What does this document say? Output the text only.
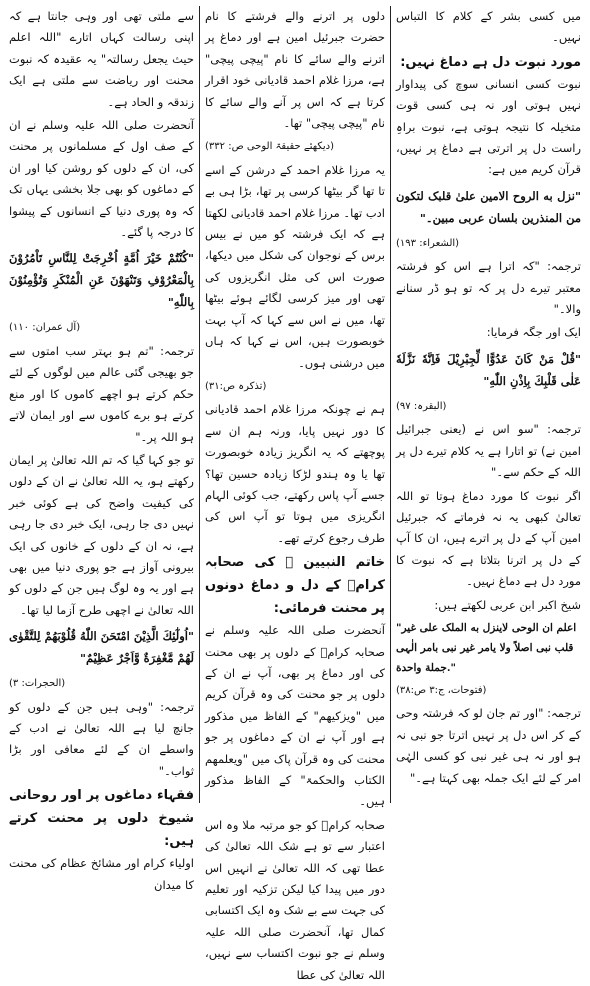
میں کسی بشر کے کلام کا التباس نہیں۔

مورد نبوت دل ہے دماغ نہیں:

نبوت کسی انسانی سوچ کی پیداوار نہیں ہوتی اور نہ ہی کسی قوت متخیلہ کا نتیجہ ہوتی ہے، نبوت براہِ راست دل پر اترتی ہے دماغ پر نہیں، قرآن کریم میں ہے:

"نزل به الروح الامین علیٰ قلبک لتکون من المنذرین بلسان عربی مبین۔"

(الشعراء: ۱۹۳)

ترجمہ: "کہ اترا ہے اس کو فرشتہ معتبر تیرے دل پر کہ تو ہو ڈر سنانے والا۔"

ایک اور جگہ فرمایا:

"قُلْ مَنْ كَانَ عَدُوًّا لِّجِبْرِيْلَ فَاِنَّهٗ نَزَّلَهٗ عَلٰى قَلْبِكَ بِاِذْنِ اللّٰهِ"

(البقرہ: ۹۷)

ترجمہ: "سو اس نے (یعنی جبرائیل امین نے) تو اتارا ہے یہ کلام تیرے دل پر اللہ کے حکم سے۔"

اگر نبوت کا مورد دماغ ہوتا تو اللہ تعالیٰ کبھی یہ نہ فرماتے کہ جبرئیل امین آپ کے دل پر اترے ہیں، ان کا آپ کے دل پر اترنا بتلاتا ہے کہ نبوت کا مورد دل ہے دماغ نہیں۔

شیخ اکبر ابن عربی لکھتے ہیں:

"اعلم ان الوحی لاینزل به الملک علی غیر قلب نبی اصلاً ولا یامر غیر نبی بامر الٰہی جملة واحدة."

(فتوحات، ج:۳ ص:۳۸)

ترجمہ: "اور تم جان لو کہ فرشتہ وحی کے کر اس دل پر نہیں اترتا جو نبی نہ ہو اور نہ ہی غیر نبی کو کسی الہٰی امر کے لئے ایک جملہ بھی کہتا ہے۔"

دلوں پر اترنے والے فرشتے کا نام حضرت جبرئیل امین ہے اور دماغ پر اترنے والے سائے کا نام "پیچی پیچی" ہے، مرزا غلام احمد قادیانی خود اقرار کرتا ہے کہ اس پر آنے والے سائے کا نام "پیچی پیچی" تھا۔

(دیکھئے حقیقۃ الوحی ص: ۳۳۲)

یہ مرزا غلام احمد کے درشن کے اسے تا تھا گر بیٹھا کرسی پر تھا، بڑا ہی بے ادب تھا۔ مرزا غلام احمد قادیانی لکھتا ہے کہ ایک فرشتہ کو میں نے بیس برس کے نوجوان کی شکل میں دیکھا، صورت اس کی مثل انگریزوں کی تھی اور میز کرسی لگائے ہوئے بیٹھا تھا، میں نے اس سے کہا کہ آپ بہت خوبصورت ہیں، اس نے کہا کہ ہاں میں درشنی ہوں۔

(تذکرہ ص:۳۱)

ہم نے چونکہ مرزا غلام احمد قادیانی کا دور نہیں پایا، ورنہ ہم ان سے پوچھتے کہ یہ انگریز زیادہ خوبصورت تھا یا وہ ہندو لڑکا زیادہ حسین تھا؟ جسے آپ پاس رکھتے، جب کوئی الہام انگریزی میں ہوتا تو آپ اس کی طرف رجوع کرتے تھے۔

خاتم النبیین ﷺ کی صحابہ کرامؓ کے دل و دماغ دونوں پر محنت فرمائی:

آنحضرت صلی اللہ علیہ وسلم نے صحابہ کرامؓ کے دلوں پر بھی محنت کی اور دماغ پر بھی، آپ نے ان کے دلوں پر جو محنت کی وہ قرآن کریم میں "ویزکیھم" کے الفاظ میں مذکور ہے اور آپ نے ان کے دماغوں پر جو محنت کی وہ قرآن پاک میں "ویعلمھم الکتاب والحکمۃ" کے الفاظ مذکور ہیں۔

صحابہ کرامؓ کو جو مرتبہ ملا وہ اس اعتبار سے تو ہے شک اللہ تعالیٰ کی عطا تھی کہ اللہ تعالیٰ نے انہیں اس دور میں پیدا کیا لیکن تزکیہ اور تعلیم کی جہت سے بے شک وہ ایک اکتسابی کمال تھا، آنحضرت صلی اللہ علیہ وسلم نے جو نبوت اکتساب سے نہیں، اللہ تعالیٰ کی عطا

سے ملتی تھی اور وہی جانتا ہے کہ اپنی رسالت کہاں اتارے "اللہ اعلم حیث یجعل رسالتہ" یہ عقیدہ کہ نبوت محنت اور ریاضت سے ملتی ہے ایک زندقہ و الحاد ہے۔

آنحضرت صلی اللہ علیہ وسلم نے ان کے صف اول کے مسلمانوں پر محنت کی، ان کے دلوں کو روشن کیا اور ان کے دماغوں کو بھی جلا بخشی یہاں تک کہ وہ پوری دنیا کے انسانوں کے پیشوا کا درجہ پا گئے۔

"كُنْتُمْ خَيْرَ اُمَّةٍ اُخْرِجَتْ لِلنَّاسِ تَاْمُرُوْنَ بِالْمَعْرُوْفِ وَتَنْهَوْنَ عَنِ الْمُنْكَرِ وَتُؤْمِنُوْنَ بِاللّٰهِ"

(آل عمران: ۱۱۰)

ترجمہ: "تم ہو بہتر سب امتوں سے جو بھیجی گئی عالم میں لوگوں کے لئے حکم کرتے ہو اچھے کاموں کا اور منع کرتے ہو برے کاموں سے اور ایمان لاتے ہو اللہ پر۔"

تو جو کہا گیا کہ تم اللہ تعالیٰ پر ایمان رکھتے ہو، یہ اللہ تعالیٰ نے ان کے دلوں کی کیفیت واضح کی ہے کوئی خبر نہیں دی جا رہی، ایک خبر دی جا رہی ہے، نہ ان کے دلوں کے خانوں کی ایک بیرونی آواز ہے جو پوری دنیا میں بھی ہے اور یہ وہ لوگ ہیں جن کے دلوں کو اللہ تعالیٰ نے اچھی طرح آزما لیا تھا۔

"اُولٰٓئِكَ الَّذِيْنَ امْتَحَنَ اللّٰهُ قُلُوْبَهُمْ لِلتَّقْوٰى لَهُمْ مَّغْفِرَةٌ وَّاَجْرٌ عَظِيْمٌ"

(الحجرات: ۳)

ترجمہ: "وہی ہیں جن کے دلوں کو جانچ لیا ہے اللہ تعالیٰ نے ادب کے واسطے ان کے لئے معافی اور بڑا ثواب۔"

فقہاء دماغوں پر اور روحانی شیوخ دلوں پر محنت کرتے ہیں:

اولیاء کرام اور مشائخ عظام کی محنت کا میدان
